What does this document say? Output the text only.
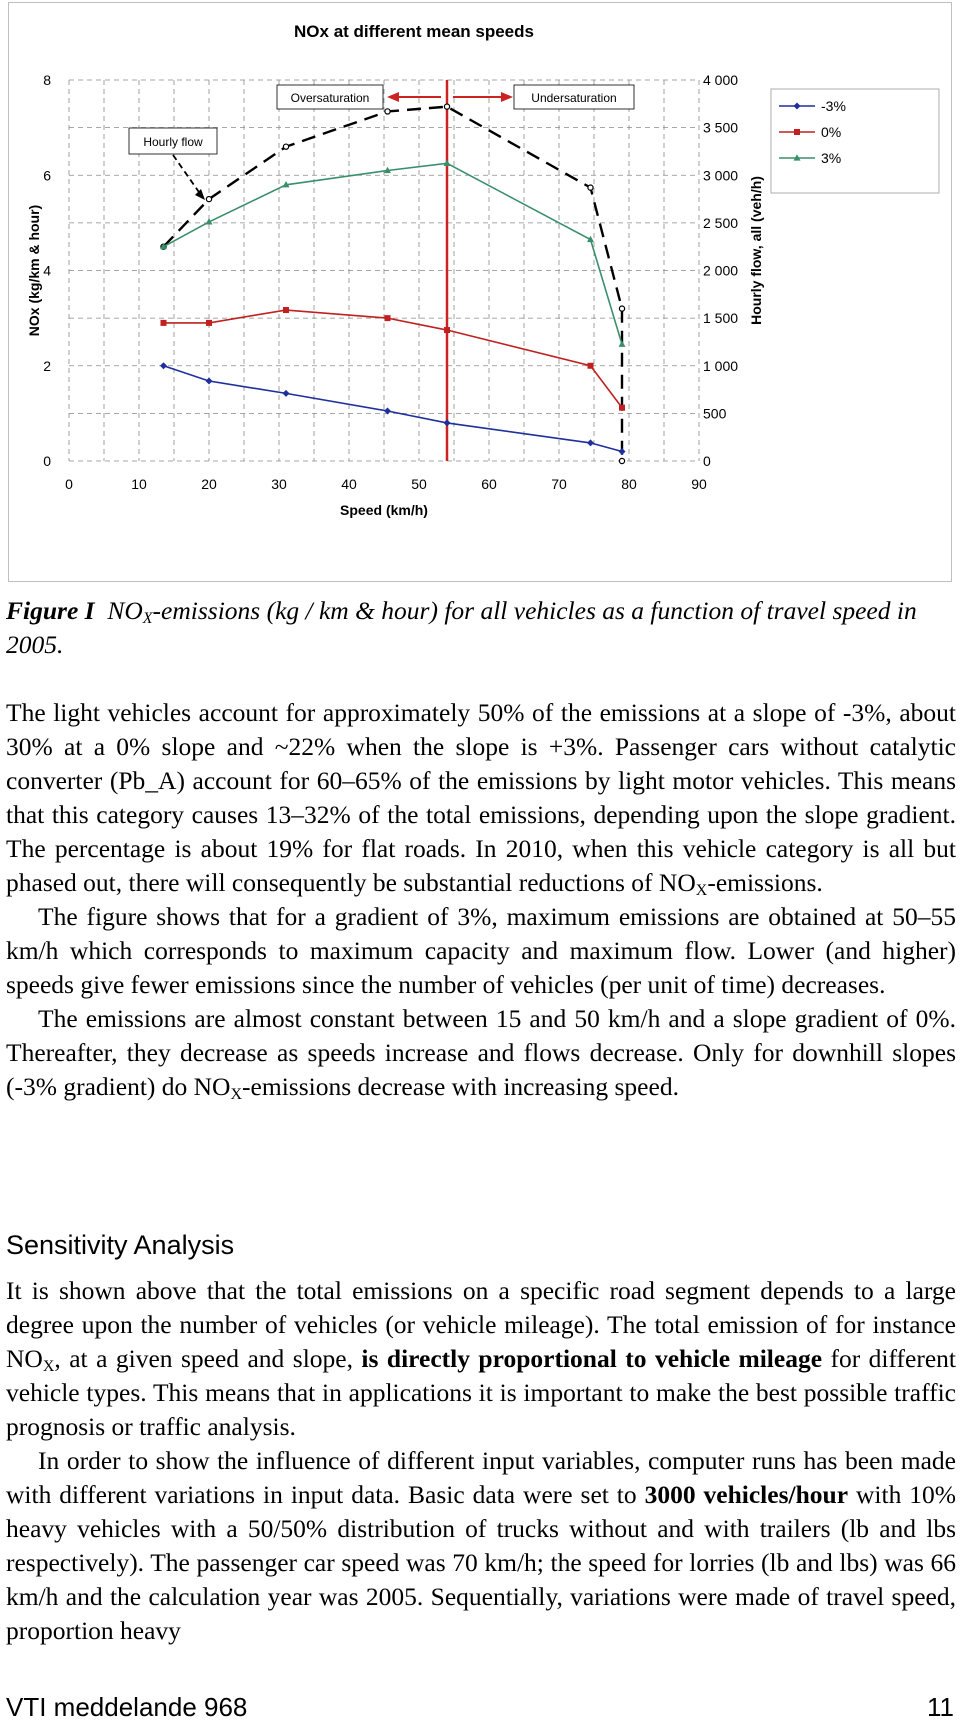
NOx at different mean speeds
0	10	20	30	40	50	60	70	80	90
0
2
4
6
8
0
500
1 000
1 500
2 000
2 500
3 000
3 500
4 000
Speed (km/h)
NOx (kg/km & hour)	Hourly flow, all (veh/h)
Hourly flow
Oversaturation	Undersaturation	-3%
0%
3%
Figure I $NO_X$-emissions (kg / km & hour) for all vehicles as a function of travel speed in 2005.

The light vehicles account for approximately 50% of the emissions at a slope of -3%, about 30% at a 0% slope and ~22% when the slope is +3%. Passenger cars without catalytic converter (Pb_A) account for 60–65% of the emissions by light motor vehicles. This means that this category causes 13–32% of the total emissions, depending upon the slope gradient. The percentage is about 19% for flat roads. In 2010, when this vehicle category is all but phased out, there will consequently be substantial reductions of $NO_X$-emissions.

The figure shows that for a gradient of 3%, maximum emissions are obtained at 50–55 km/h which corresponds to maximum capacity and maximum flow. Lower (and higher) speeds give fewer emissions since the number of vehicles (per unit of time) decreases.

The emissions are almost constant between 15 and 50 km/h and a slope gradient of 0%. Thereafter, they decrease as speeds increase and flows decrease. Only for downhill slopes (-3% gradient) do $NO_X$-emissions decrease with increasing speed.

Sensitivity Analysis

It is shown above that the total emissions on a specific road segment depends to a large degree upon the number of vehicles (or vehicle mileage). The total emission of for instance $NO_X$, at a given speed and slope, is directly proportional to vehicle mileage for different vehicle types. This means that in applications it is important to make the best possible traffic prognosis or traffic analysis.

In order to show the influence of different input variables, computer runs has been made with different variations in input data. Basic data were set to 3000 vehicles/hour with 10% heavy vehicles with a 50/50% distribution of trucks without and with trailers (lb and lbs respectively). The passenger car speed was 70 km/h; the speed for lorries (lb and lbs) was 66 km/h and the calculation year was 2005. Sequentially, variations were made of travel speed, proportion heavy

VTI meddelande 968	11
